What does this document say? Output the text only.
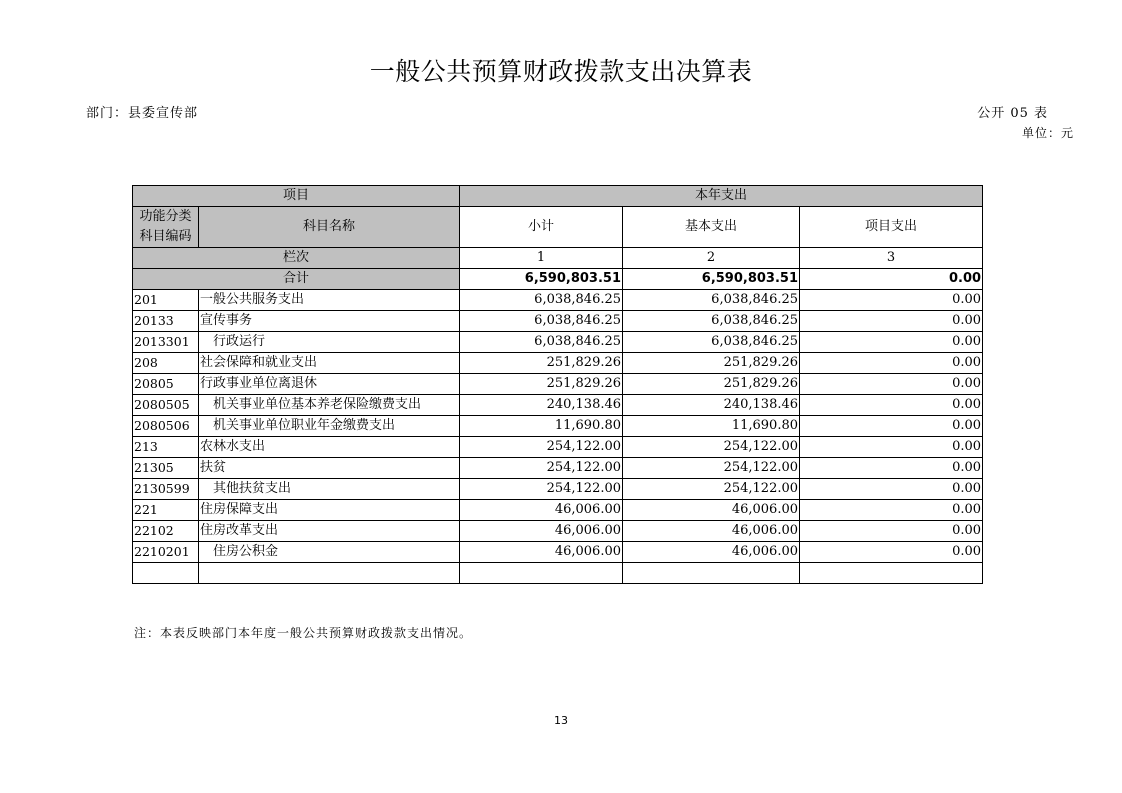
一般公共预算财政拨款支出决算表
部门：县委宣传部	公开 05 表
单位：元
项目		本年支出		

功能分类
科目编码	科目名称	小计	基本支出	项目支出
栏次		1	2	3
合计		6,590,803.51	6,590,803.51	0.00
201	一般公共服务支出	6,038,846.25	6,038,846.25	0.00
20133	宣传事务	6,038,846.25	6,038,846.25	0.00
2013301	行政运行	6,038,846.25	6,038,846.25	0.00
208	社会保障和就业支出	251,829.26	251,829.26	0.00
20805	行政事业单位离退休	251,829.26	251,829.26	0.00
2080505	机关事业单位基本养老保险缴费支出	240,138.46	240,138.46	0.00
2080506	机关事业单位职业年金缴费支出	11,690.80	11,690.80	0.00
213	农林水支出	254,122.00	254,122.00	0.00
21305	扶贫	254,122.00	254,122.00	0.00
2130599	其他扶贫支出	254,122.00	254,122.00	0.00
221	住房保障支出	46,006.00	46,006.00	0.00
22102	住房改革支出	46,006.00	46,006.00	0.00
2210201	住房公积金	46,006.00	46,006.00	0.00

注：本表反映部门本年度一般公共预算财政拨款支出情况。
13
